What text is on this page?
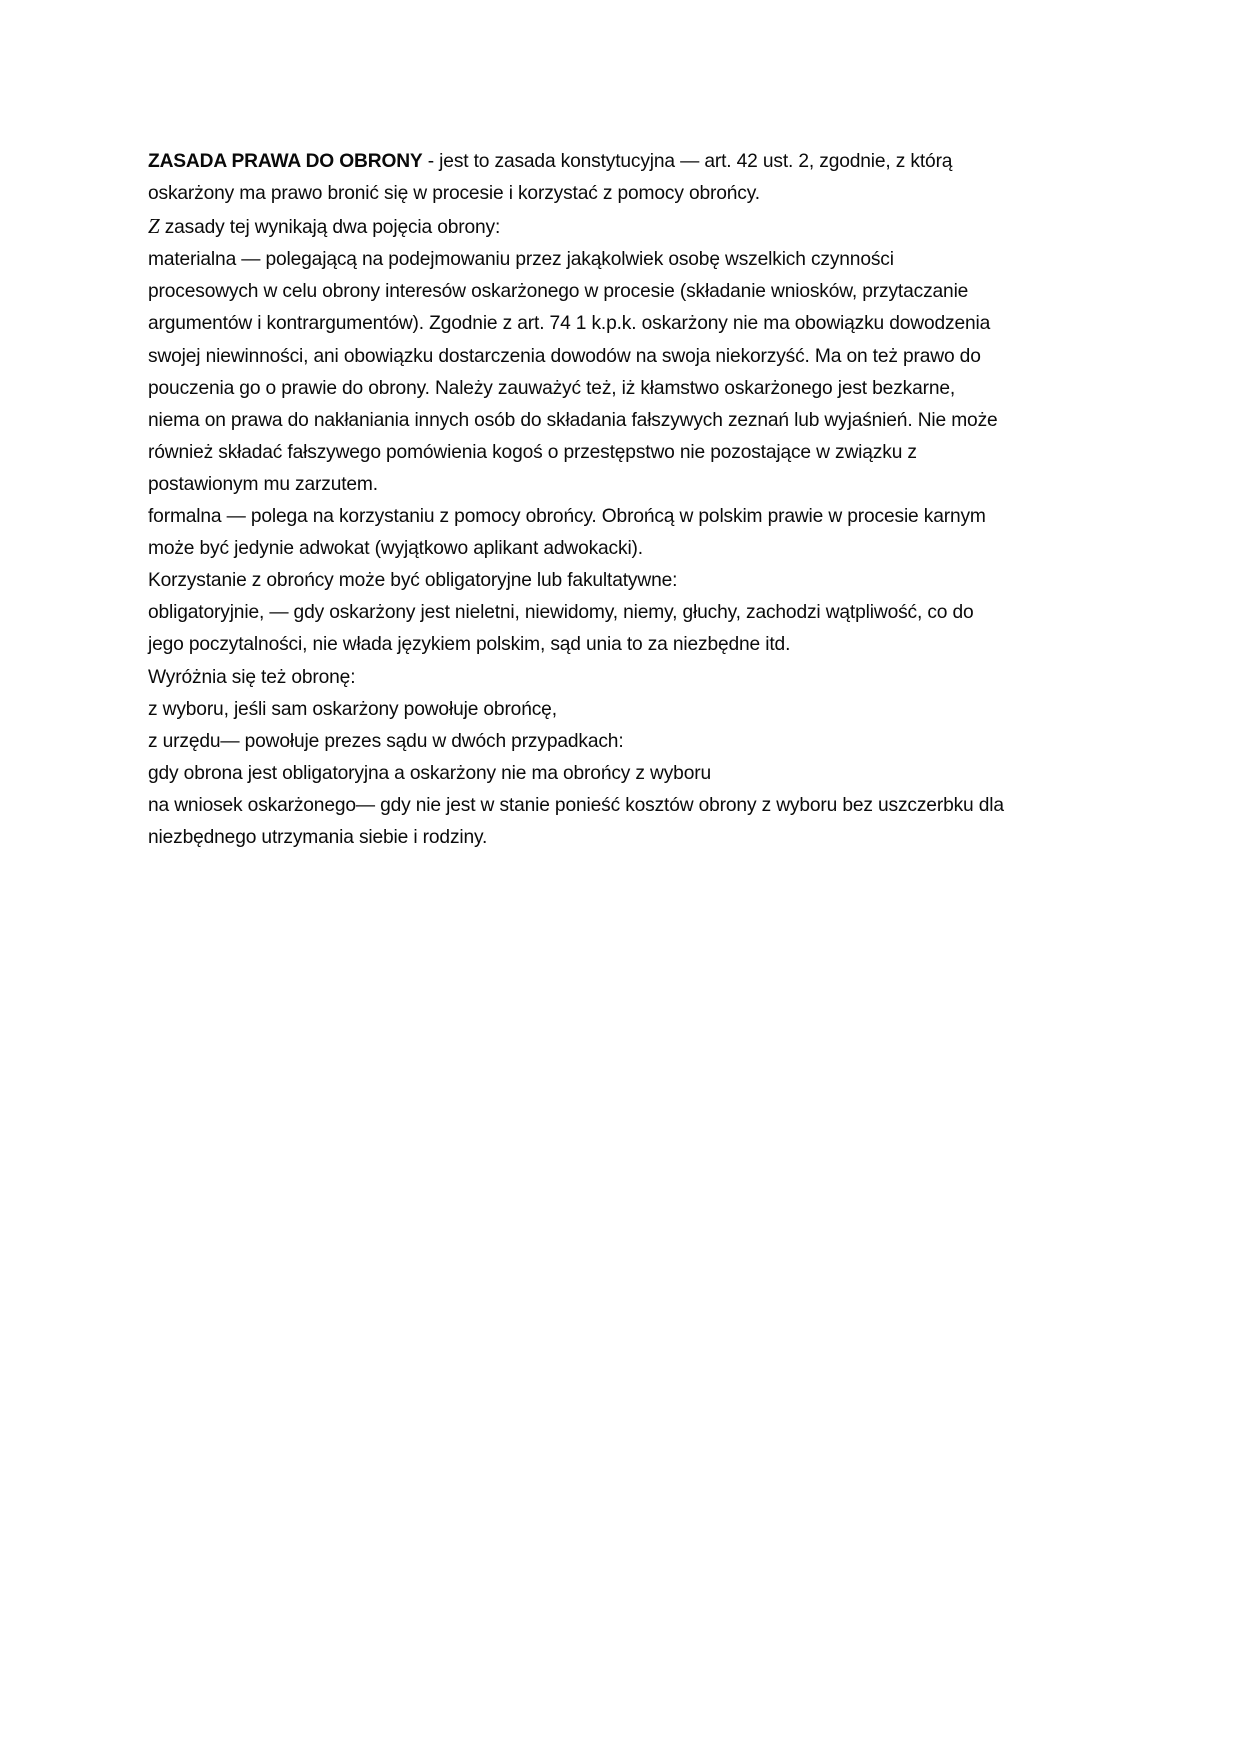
ZASADA PRAWA DO OBRONY - jest to zasada konstytucyjna — art. 42 ust. 2, zgodnie, z którą
oskarżony ma prawo bronić się w procesie i korzystać z pomocy obrońcy.
Z zasady tej wynikają dwa pojęcia obrony:
materialna — polegającą na podejmowaniu przez jakąkolwiek osobę wszelkich czynności
procesowych w celu obrony interesów oskarżonego w procesie (składanie wniosków, przytaczanie
argumentów i kontrargumentów). Zgodnie z art. 74 1 k.p.k. oskarżony nie ma obowiązku dowodzenia
swojej niewinności, ani obowiązku dostarczenia dowodów na swoja niekorzyść. Ma on też prawo do
pouczenia go o prawie do obrony. Należy zauważyć też, iż kłamstwo oskarżonego jest bezkarne,
niema on prawa do nakłaniania innych osób do składania fałszywych zeznań lub wyjaśnień. Nie może
również składać fałszywego pomówienia kogoś o przestępstwo nie pozostające w związku z
postawionym mu zarzutem.
formalna — polega na korzystaniu z pomocy obrońcy. Obrońcą w polskim prawie w procesie karnym
może być jedynie adwokat (wyjątkowo aplikant adwokacki).
Korzystanie z obrońcy może być obligatoryjne lub fakultatywne:
obligatoryjnie, — gdy oskarżony jest nieletni, niewidomy, niemy, głuchy, zachodzi wątpliwość, co do
jego poczytalności, nie włada językiem polskim, sąd unia to za niezbędne itd.
Wyróżnia się też obronę:
z wyboru, jeśli sam oskarżony powołuje obrońcę,
z urzędu— powołuje prezes sądu w dwóch przypadkach:
gdy obrona jest obligatoryjna a oskarżony nie ma obrońcy z wyboru
na wniosek oskarżonego— gdy nie jest w stanie ponieść kosztów obrony z wyboru bez uszczerbku dla
niezbędnego utrzymania siebie i rodziny.
